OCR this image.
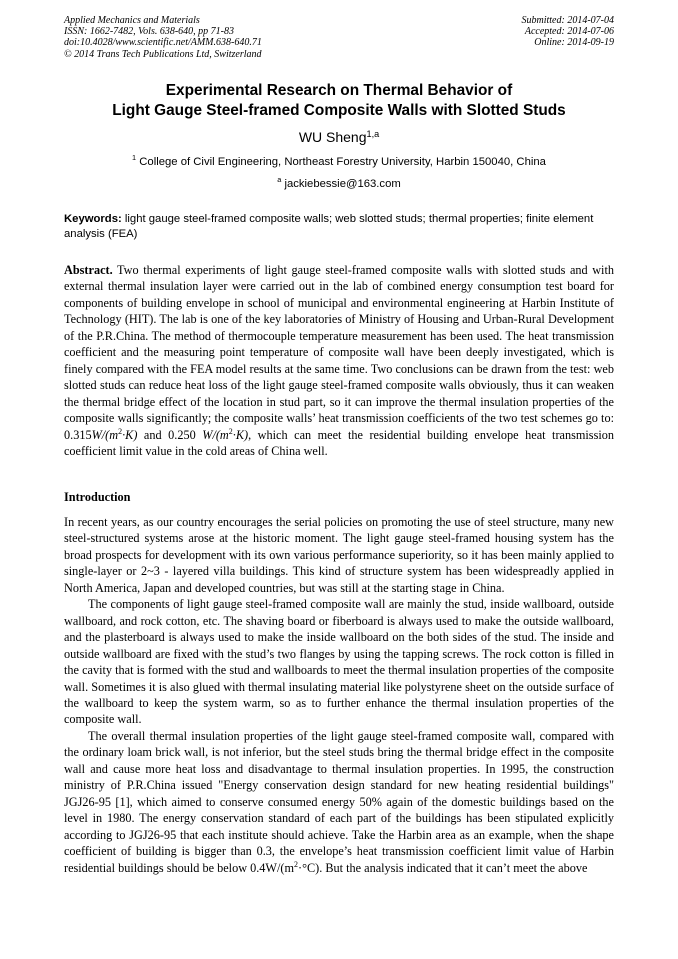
Applied Mechanics and Materials
ISSN: 1662-7482, Vols. 638-640, pp 71-83
doi:10.4028/www.scientific.net/AMM.638-640.71
© 2014 Trans Tech Publications Ltd, Switzerland
Submitted: 2014-07-04
Accepted: 2014-07-06
Online: 2014-09-19
Experimental Research on Thermal Behavior of
Light Gauge Steel-framed Composite Walls with Slotted Studs
WU Sheng$^{1,a}$
$^1$ College of Civil Engineering, Northeast Forestry University, Harbin 150040, China
$^a$ jackiebessie@163.com
Keywords: light gauge steel-framed composite walls; web slotted studs; thermal properties; finite element analysis (FEA)

Abstract. Two thermal experiments of light gauge steel-framed composite walls with slotted studs and with external thermal insulation layer were carried out in the lab of combined energy consumption test board for components of building envelope in school of municipal and environmental engineering at Harbin Institute of Technology (HIT). The lab is one of the key laboratories of Ministry of Housing and Urban-Rural Development of the P.R.China. The method of thermocouple temperature measurement has been used. The heat transmission coefficient and the measuring point temperature of composite wall have been deeply investigated, which is finely compared with the FEA model results at the same time. Two conclusions can be drawn from the test: web slotted studs can reduce heat loss of the light gauge steel-framed composite walls obviously, thus it can weaken the thermal bridge effect of the location in stud part, so it can improve the thermal insulation properties of the composite walls significantly; the composite walls’ heat transmission coefficients of the two test schemes go to: $0.315W/(m^2\cdot K)$ and 0.250 $W/(m^2\cdot K)$, which can meet the residential building envelope heat transmission coefficient limit value in the cold areas of China well.

Introduction

In recent years, as our country encourages the serial policies on promoting the use of steel structure, many new steel-structured systems arose at the historic moment. The light gauge steel-framed housing system has the broad prospects for development with its own various performance superiority, so it has been mainly applied to single-layer or 2~3 - layered villa buildings. This kind of structure system has been widespreadly applied in North America, Japan and developed countries, but was still at the starting stage in China.

The components of light gauge steel-framed composite wall are mainly the stud, inside wallboard, outside wallboard, and rock cotton, etc. The shaving board or fiberboard is always used to make the outside wallboard, and the plasterboard is always used to make the inside wallboard on the both sides of the stud. The inside and outside wallboard are fixed with the stud’s two flanges by using the tapping screws. The rock cotton is filled in the cavity that is formed with the stud and wallboards to meet the thermal insulation properties of the composite wall. Sometimes it is also glued with thermal insulating material like polystyrene sheet on the outside surface of the wallboard to keep the system warm, so as to further enhance the thermal insulation properties of the composite wall.

The overall thermal insulation properties of the light gauge steel-framed composite wall, compared with the ordinary loam brick wall, is not inferior, but the steel studs bring the thermal bridge effect in the composite wall and cause more heat loss and disadvantage to thermal insulation properties. In 1995, the construction ministry of P.R.China issued "Energy conservation design standard for new heating residential buildings" JGJ26-95 [1], which aimed to conserve consumed energy 50% again of the domestic buildings based on the level in 1980. The energy conservation standard of each part of the buildings has been stipulated explicitly according to JGJ26-95 that each institute should achieve. Take the Harbin area as an example, when the shape coefficient of building is bigger than 0.3, the envelope’s heat transmission coefficient limit value of Harbin residential buildings should be below $0.4W/(m^2\cdot^\circ C)$. But the analysis indicated that it can’t meet the above
